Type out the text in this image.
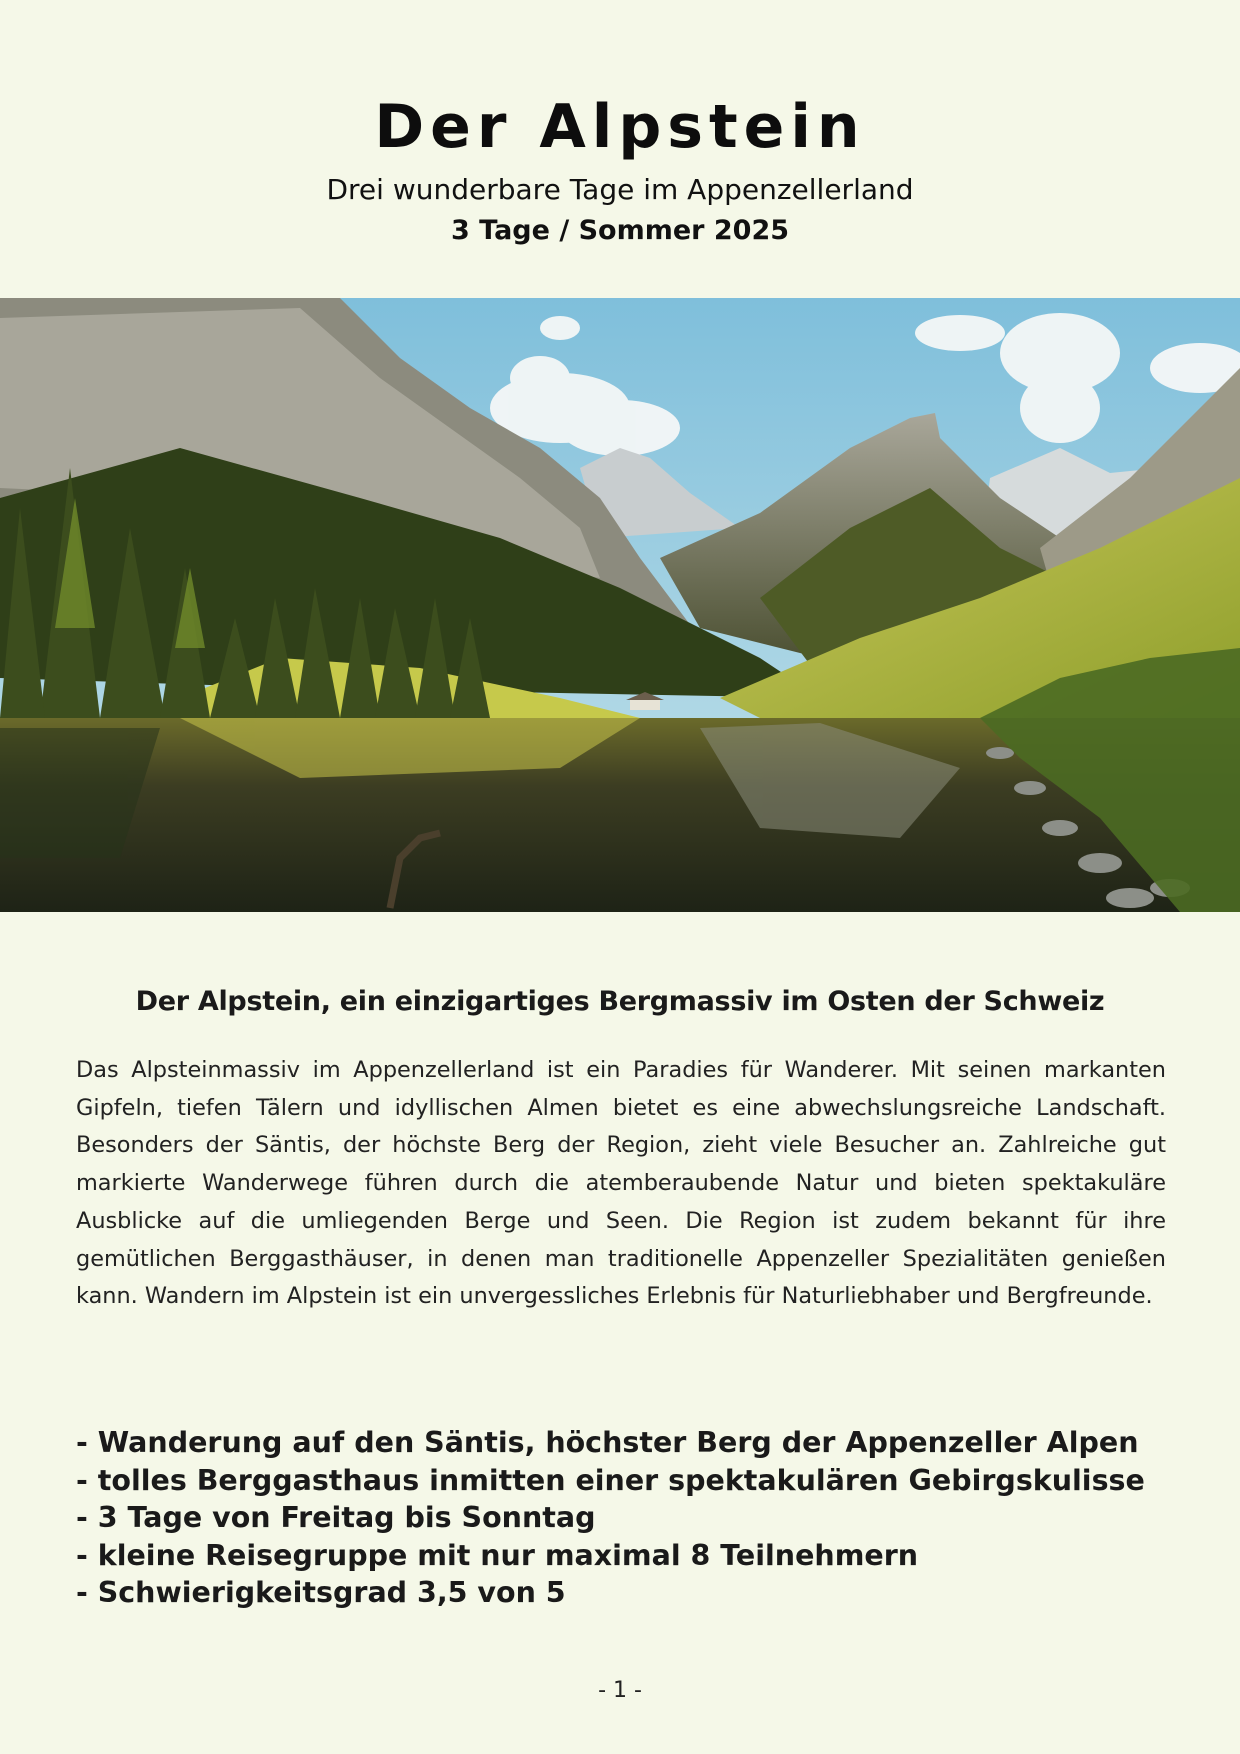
Der Alpstein
Drei wunderbare Tage im Appenzellerland
3 Tage / Sommer 2025
Der Alpstein, ein einzigartiges Bergmassiv im Osten der Schweiz

Das Alpsteinmassiv im Appenzellerland ist ein Paradies für Wanderer. Mit seinen markanten Gipfeln, tiefen Tälern und idyllischen Almen bietet es eine abwechslungsreiche Landschaft. Besonders der Säntis, der höchste Berg der Region, zieht viele Besucher an. Zahlreiche gut markierte Wanderwege führen durch die atemberaubende Natur und bieten spektakuläre Ausblicke auf die umliegenden Berge und Seen. Die Region ist zudem bekannt für ihre gemütlichen Berggasthäuser, in denen man traditionelle Appenzeller Spezialitäten genießen kann. Wandern im Alpstein ist ein unvergessliches Erlebnis für Naturliebhaber und Bergfreunde.

- Wanderung auf den Säntis, höchster Berg der Appenzeller Alpen
- tolles Berggasthaus inmitten einer spektakulären Gebirgskulisse
- 3 Tage von Freitag bis Sonntag
- kleine Reisegruppe mit nur maximal 8 Teilnehmern
- Schwierigkeitsgrad 3,5 von 5
- 1 -
